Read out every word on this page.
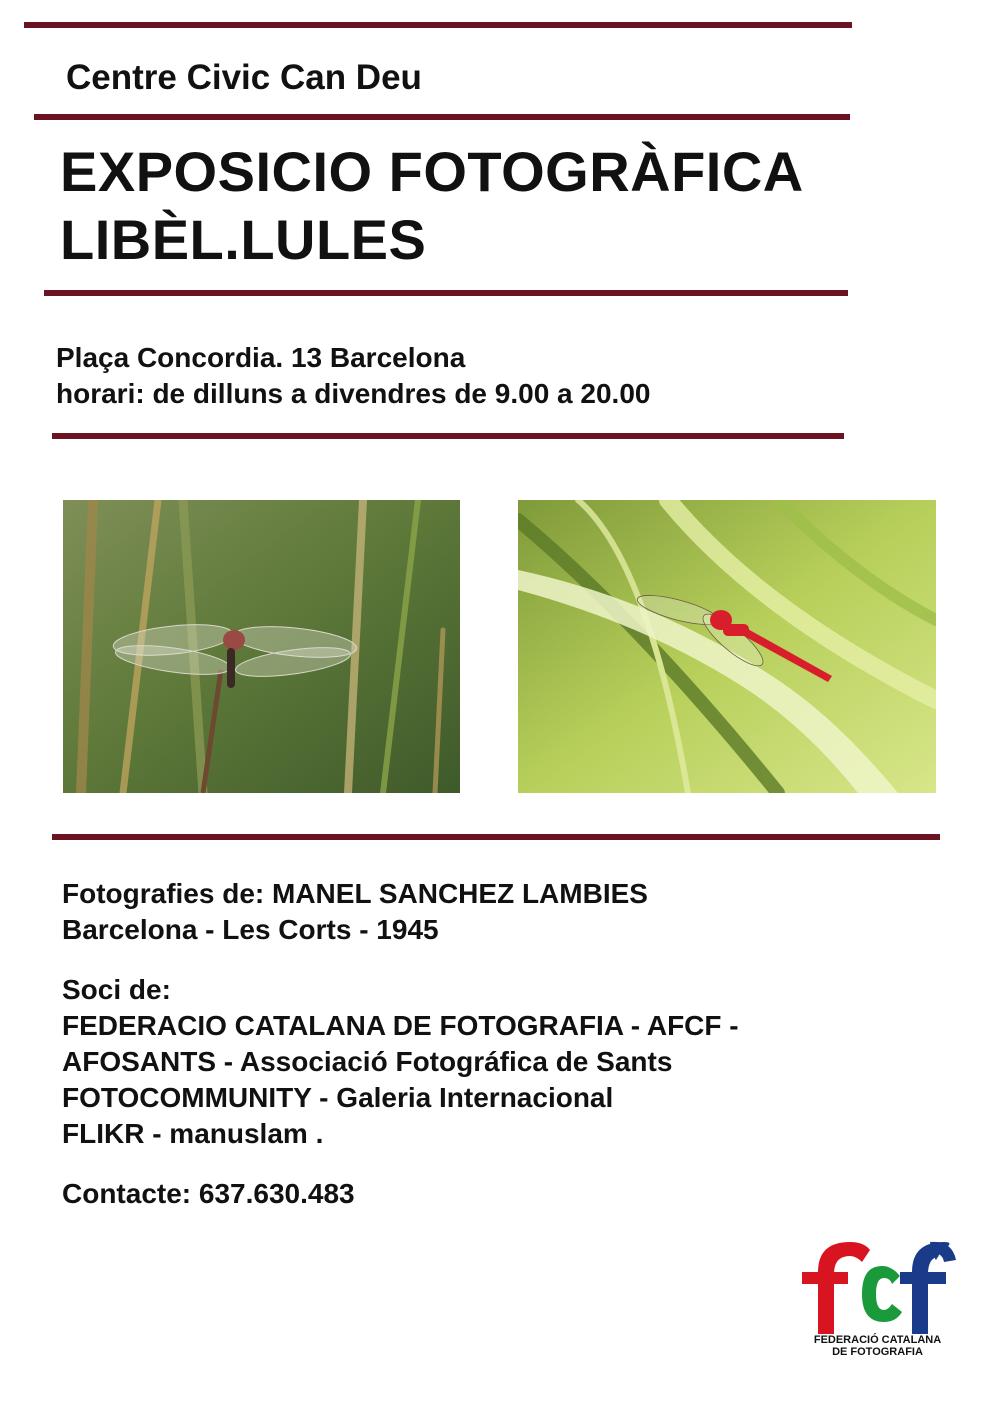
Centre Civic Can Deu

EXPOSICIO FOTOGRÀFICA
LIBÈL.LULES
Plaça Concordia. 13 Barcelona
horari: de dilluns a divendres de 9.00 a 20.00
Fotografies de: MANEL SANCHEZ LAMBIES
Barcelona - Les Corts - 1945
Soci de:
FEDERACIO CATALANA DE FOTOGRAFIA - AFCF -
AFOSANTS - Associació Fotográfica de Sants
FOTOCOMMUNITY - Galeria Internacional
FLIKR - manuslam .
Contacte: 637.630.483
FEDERACIÓ CATALANA
DE FOTOGRAFIA
